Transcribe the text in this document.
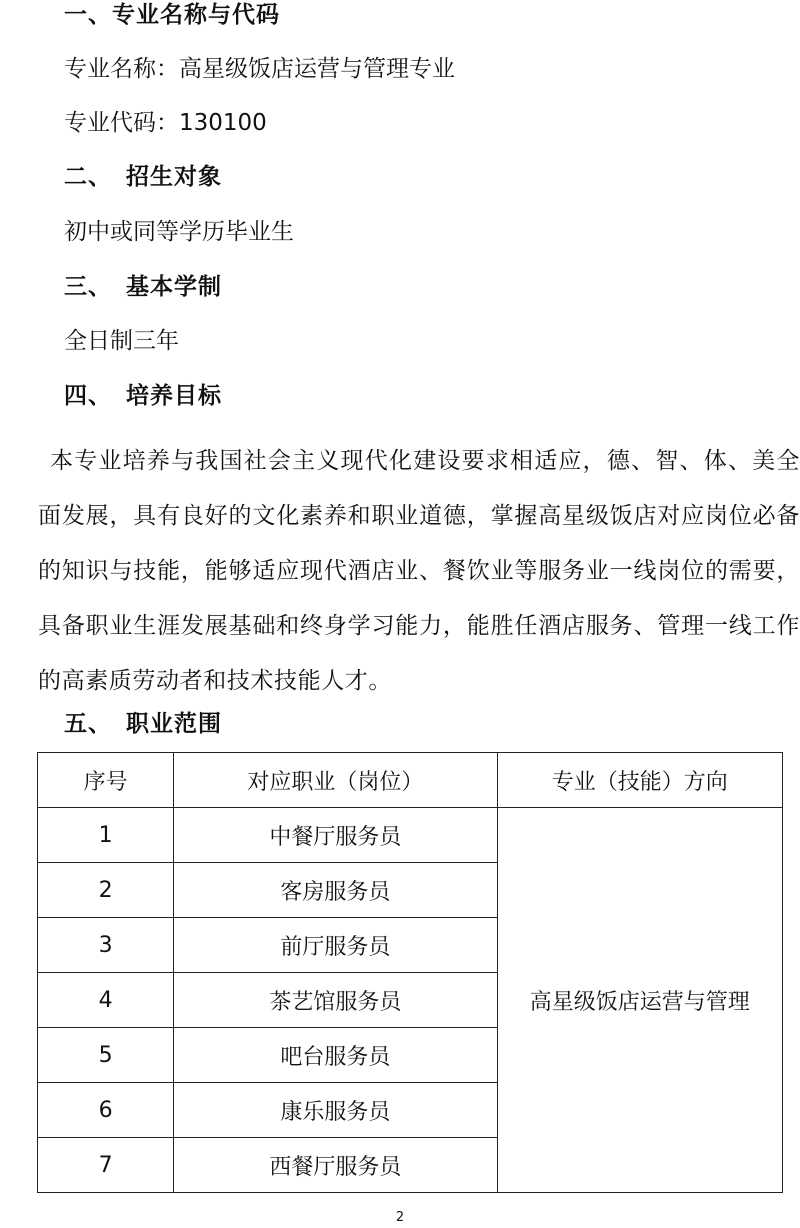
一、专业名称与代码
专业名称：高星级饭店运营与管理专业
专业代码：130100
二、 招生对象
初中或同等学历毕业生
三、 基本学制
全日制三年
四、 培养目标
本专业培养与我国社会主义现代化建设要求相适应，德、智、体、美全面发展，具有良好的文化素养和职业道德，掌握高星级饭店对应岗位必备的知识与技能，能够适应现代酒店业、餐饮业等服务业一线岗位的需要，具备职业生涯发展基础和终身学习能力，能胜任酒店服务、管理一线工作的高素质劳动者和技术技能人才。
五、 职业范围
序号	对应职业（岗位）	专业（技能）方向
1	中餐厅服务员	高星级饭店运营与管理
2	客房服务员	
3	前厅服务员	
4	茶艺馆服务员	
5	吧台服务员	
6	康乐服务员	
7	西餐厅服务员	
2
